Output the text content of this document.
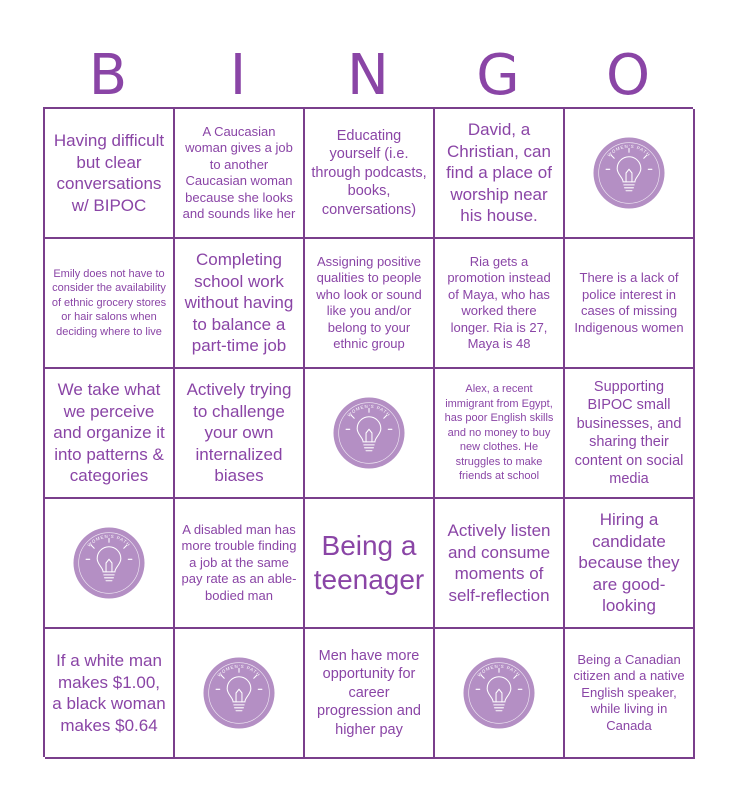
B	I	N	G	O
Having difficult but clear conversations w/ BIPOC
A Caucasian woman gives a job to another Caucasian woman because she looks and sounds like her
Educating yourself (i.e. through podcasts, books, conversations)
David, a Christian, can find a place of worship near his house.
WOMEN'S PATH
Emily does not have to consider the availability of ethnic grocery stores or hair salons when deciding where to live
Completing school work without having to balance a part-time job
Assigning positive qualities to people who look or sound like you and/or belong to your ethnic group
Ria gets a promotion instead of Maya, who has worked there longer. Ria is 27, Maya is 48
There is a lack of police interest in cases of missing Indigenous women
We take what we perceive and organize it into patterns & categories
Actively trying to challenge your own internalized biases
WOMEN'S PATH
Alex, a recent immigrant from Egypt, has poor English skills and no money to buy new clothes. He struggles to make friends at school
Supporting BIPOC small businesses, and sharing their content on social media
WOMEN'S PATH
A disabled man has more trouble finding a job at the same pay rate as an able-bodied man
Being a teenager
Actively listen and consume moments of self-reflection
Hiring a candidate because they are good-looking
If a white man makes $1.00, a black woman makes $0.64
WOMEN'S PATH
Men have more opportunity for career progression and higher pay
WOMEN'S PATH
Being a Canadian citizen and a native English speaker, while living in Canada
